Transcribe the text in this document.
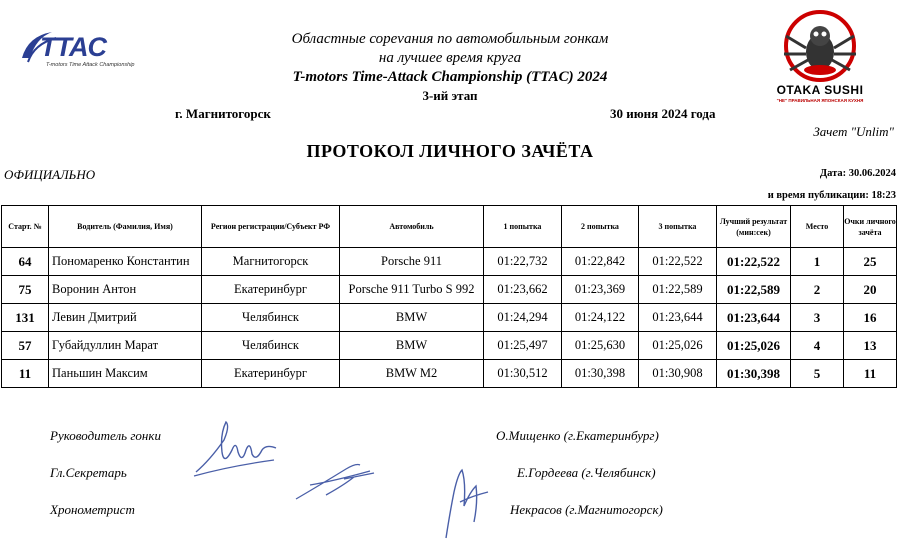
TTAC
T-motors Time Attack Championship
OTAKA SUSHI
"НЕ" ПРАВИЛЬНАЯ ЯПОНСКАЯ КУХНЯ
Областные сорevания по автомобильным гонкам
на лучшее время круга
T-motors Time-Attack Championship (TTAC) 2024
3-ий этап
г. Магнитогорск	30 июня 2024 года
Зачет "Unlim"
ПРОТОКОЛ ЛИЧНОГО ЗАЧЁТА
ОФИЦИАЛЬНО	Дата: 30.06.2024
и время публикации: 18:23
Старт. №	Водитель (Фамилия, Имя)	Регион регистрации/Субъект РФ	Автомобиль	1 попытка	2 попытка	3 попытка	Лучший результат (мин:сек)	Место	Очки личного зачёта
64	Пономаренко Константин	Магнитогорск	Porsche 911	01:22,732	01:22,842	01:22,522	01:22,522	1	25
75	Воронин Антон	Екатеринбург	Porsche 911 Turbo S 992	01:23,662	01:23,369	01:22,589	01:22,589	2	20
131	Левин Дмитрий	Челябинск	BMW	01:24,294	01:24,122	01:23,644	01:23,644	3	16
57	Губайдуллин Марат	Челябинск	BMW	01:25,497	01:25,630	01:25,026	01:25,026	4	13
11	Паньшин Максим	Екатеринбург	BMW M2	01:30,512	01:30,398	01:30,908	01:30,398	5	11
Руководитель гонки	О.Мищенко (г.Екатеринбург)
Гл.Секретарь	Е.Гордеева (г.Челябинск)
Хронометрист	Некрасов (г.Магнитогорск)
